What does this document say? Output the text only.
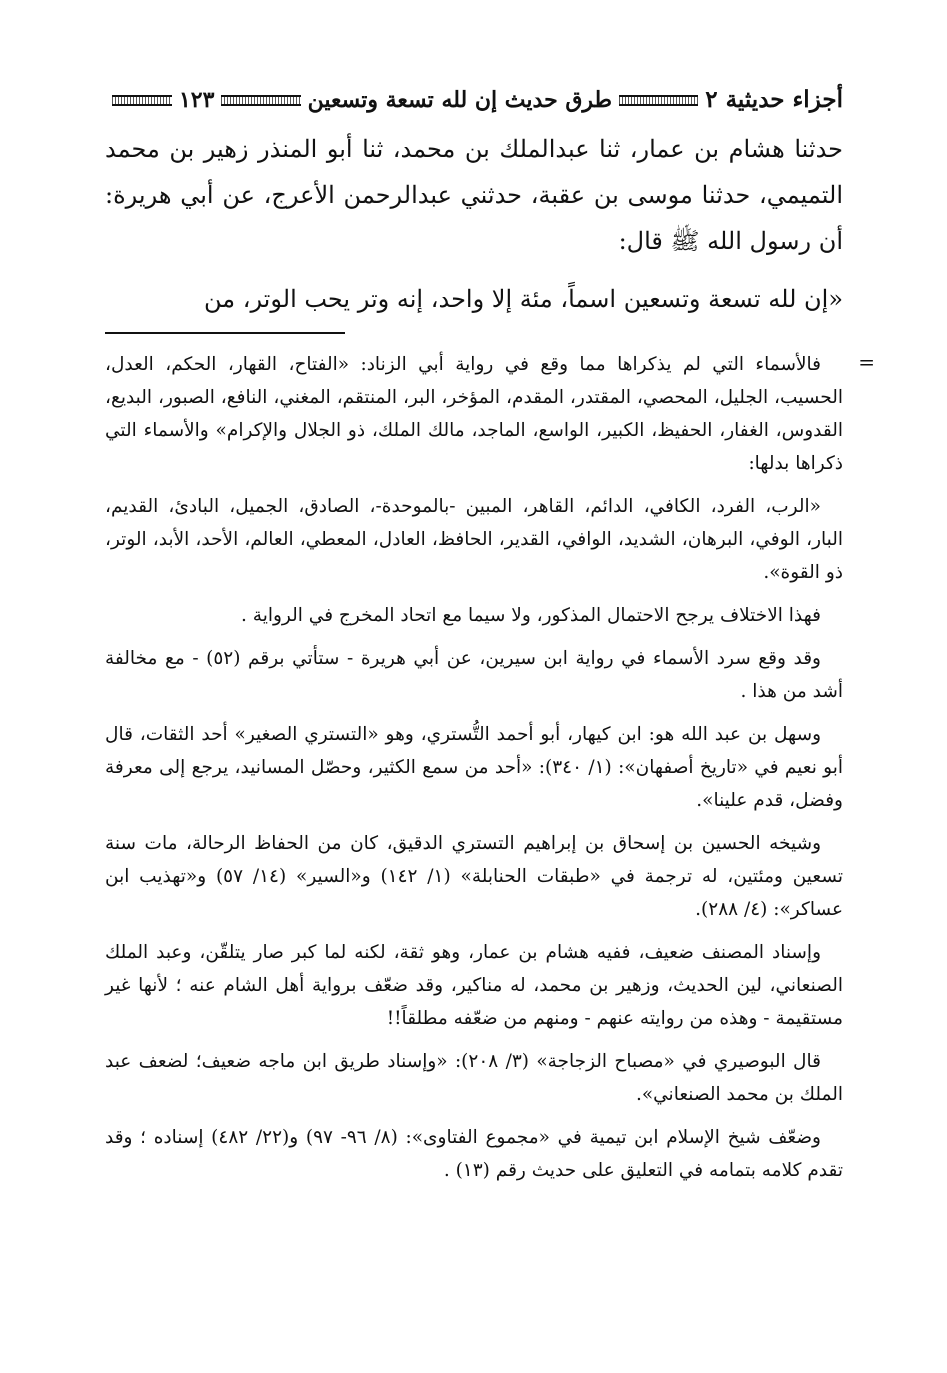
أجزاء حديثية ٢
طرق حديث إن لله تسعة وتسعين
١٢٣

حدثنا هشام بن عمار، ثنا عبدالملك بن محمد، ثنا أبو المنذر زهير بن محمد التميمي، حدثنا موسى بن عقبة، حدثني عبدالرحمن الأعرج، عن أبي هريرة: أن رسول الله ﷺ قال:

«إن لله تسعة وتسعين اسماً، مئة إلا واحد، إنه وتر يحب الوتر، من

=

فالأسماء التي لم يذكراها مما وقع في رواية أبي الزناد: «الفتاح، القهار، الحكم، العدل، الحسيب، الجليل، المحصي، المقتدر، المقدم، المؤخر، البر، المنتقم، المغني، النافع، الصبور، البديع، القدوس، الغفار، الحفيظ، الكبير، الواسع، الماجد، مالك الملك، ذو الجلال والإكرام» والأسماء التي ذكراها بدلها:

«الرب، الفرد، الكافي، الدائم، القاهر، المبين -بالموحدة-، الصادق، الجميل، البادئ، القديم، البار، الوفي، البرهان، الشديد، الوافي، القدير، الحافظ، العادل، المعطي، العالم، الأحد، الأبد، الوتر، ذو القوة».

فهذا الاختلاف يرجح الاحتمال المذكور، ولا سيما مع اتحاد المخرج في الرواية .

وقد وقع سرد الأسماء في رواية ابن سيرين، عن أبي هريرة - ستأتي برقم (٥٢) - مع مخالفة أشد من هذا .

وسهل بن عبد الله هو: ابن كيهار، أبو أحمد التُّستري، وهو «التستري الصغير» أحد الثقات، قال أبو نعيم في «تاريخ أصفهان»: (١/ ٣٤٠): «أحد من سمع الكثير، وحصّل المسانيد، يرجع إلى معرفة وفضل، قدم علينا».

وشيخه الحسين بن إسحاق بن إبراهيم التستري الدقيق، كان من الحفاظ الرحالة، مات سنة تسعين ومئتين، له ترجمة في «طبقات الحنابلة» (١/ ١٤٢) و«السير» (١٤/ ٥٧) و«تهذيب ابن عساكر»: (٤/ ٢٨٨).

وإسناد المصنف ضعيف، ففيه هشام بن عمار، وهو ثقة، لكنه لما كبر صار يتلقّن، وعبد الملك الصنعاني، لين الحديث، وزهير بن محمد، له مناكير، وقد ضعّف برواية أهل الشام عنه ؛ لأنها غير مستقيمة - وهذه من روايته عنهم - ومنهم من ضعّفه مطلقاً!!

قال البوصيري في «مصباح الزجاجة» (٣/ ٢٠٨): «وإسناد طريق ابن ماجه ضعيف؛ لضعف عبد الملك بن محمد الصنعاني».

وضعّف شيخ الإسلام ابن تيمية في «مجموع الفتاوى»: (٨/ ٩٦- ٩٧) و(٢٢/ ٤٨٢) إسناده ؛ وقد تقدم كلامه بتمامه في التعليق على حديث رقم (١٣) .
